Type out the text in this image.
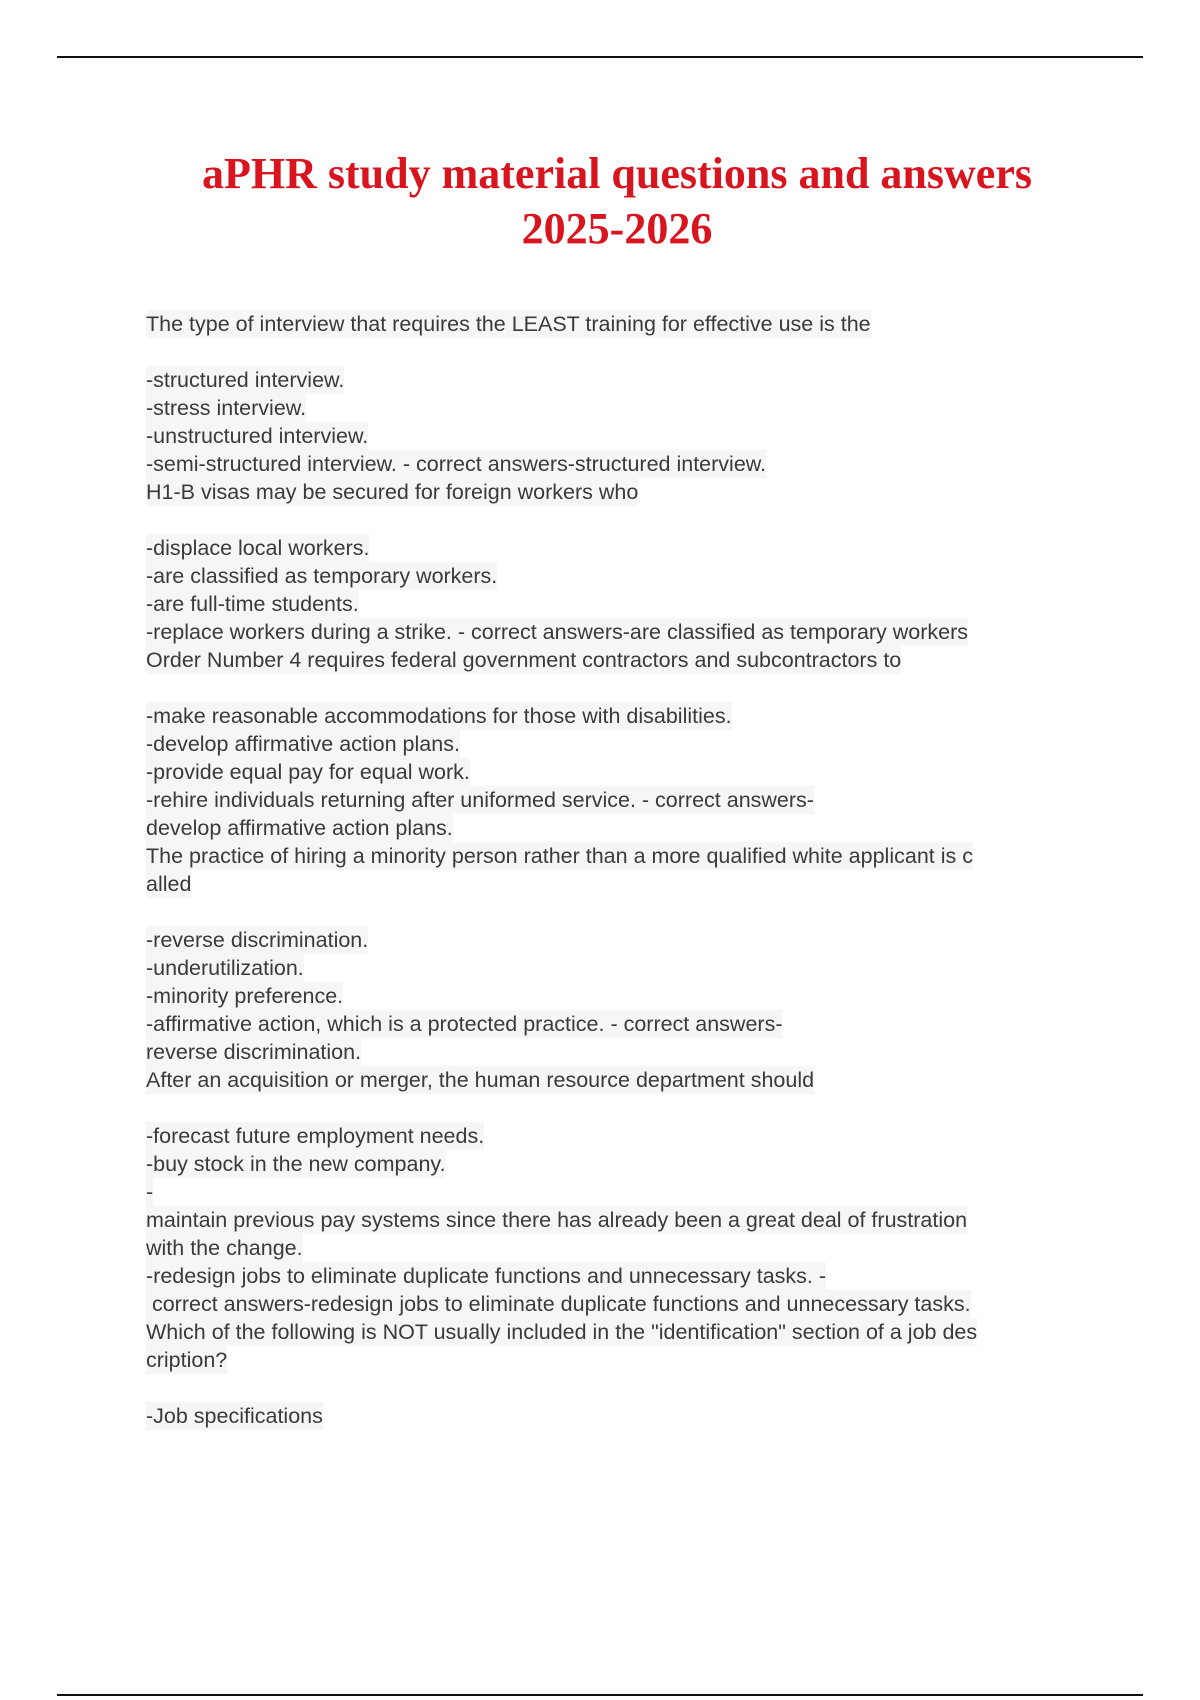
aPHR study material questions and answers
2025-2026
The type of interview that requires the LEAST training for effective use is the
-structured interview.
-stress interview.
-unstructured interview.
-semi-structured interview. - correct answers-structured interview.
H1-B visas may be secured for foreign workers who
-displace local workers.
-are classified as temporary workers.
-are full-time students.
-replace workers during a strike. - correct answers-are classified as temporary workers
Order Number 4 requires federal government contractors and subcontractors to
-make reasonable accommodations for those with disabilities.
-develop affirmative action plans.
-provide equal pay for equal work.
-rehire individuals returning after uniformed service. - correct answers-
develop affirmative action plans.
The practice of hiring a minority person rather than a more qualified white applicant is c
alled
-reverse discrimination.
-underutilization.
-minority preference.
-affirmative action, which is a protected practice. - correct answers-
reverse discrimination.
After an acquisition or merger, the human resource department should
-forecast future employment needs.
-buy stock in the new company.
-
maintain previous pay systems since there has already been a great deal of frustration
with the change.
-redesign jobs to eliminate duplicate functions and unnecessary tasks. -
correct answers-redesign jobs to eliminate duplicate functions and unnecessary tasks.
Which of the following is NOT usually included in the "identification" section of a job des
cription?
-Job specifications
